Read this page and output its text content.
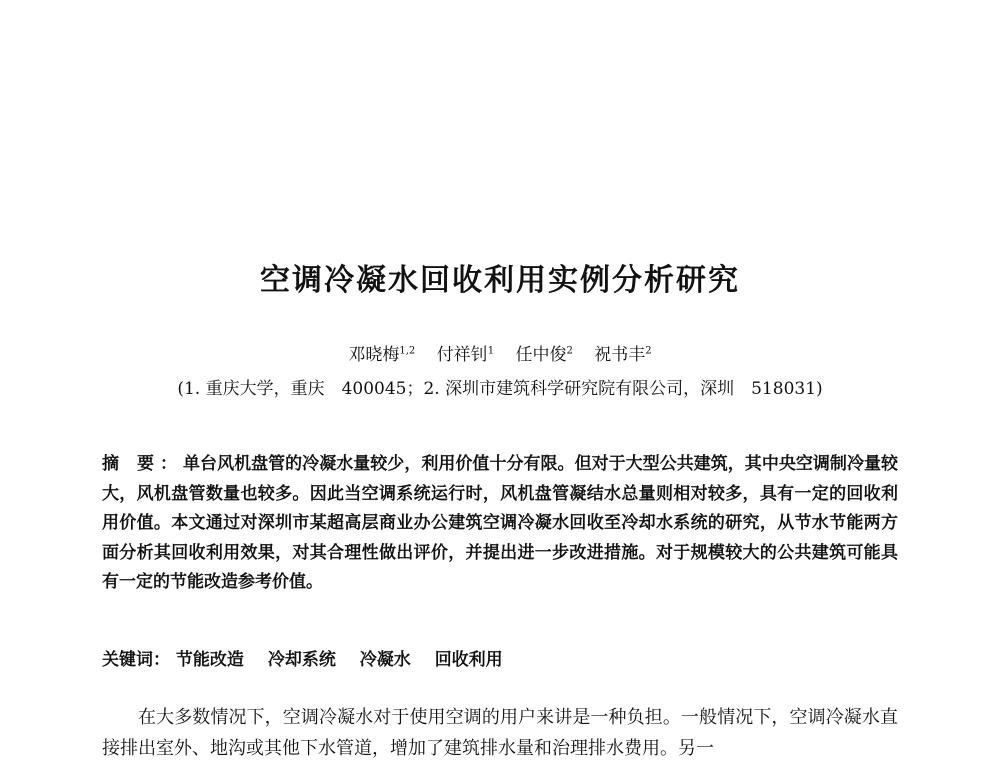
空调冷凝水回收利用实例分析研究
邓晓梅$^{1,2}$ 付祥钊$^1$ 任中俊$^2$ 祝书丰$^2$
(1. 重庆大学，重庆　400045；2. 深圳市建筑科学研究院有限公司，深圳　518031)
摘 要：单台风机盘管的冷凝水量较少，利用价值十分有限。但对于大型公共建筑，其中央空调制冷量较大，风机盘管数量也较多。因此当空调系统运行时，风机盘管凝结水总量则相对较多，具有一定的回收利用价值。本文通过对深圳市某超高层商业办公建筑空调冷凝水回收至冷却水系统的研究，从节水节能两方面分析其回收利用效果，对其合理性做出评价，并提出进一步改进措施。对于规模较大的公共建筑可能具有一定的节能改造参考价值。
关键词： 节能改造 冷却系统 冷凝水 回收利用
在大多数情况下，空调冷凝水对于使用空调的用户来讲是一种负担。一般情况下，空调冷凝水直接排出室外、地沟或其他下水管道，增加了建筑排水量和治理排水费用。另一
